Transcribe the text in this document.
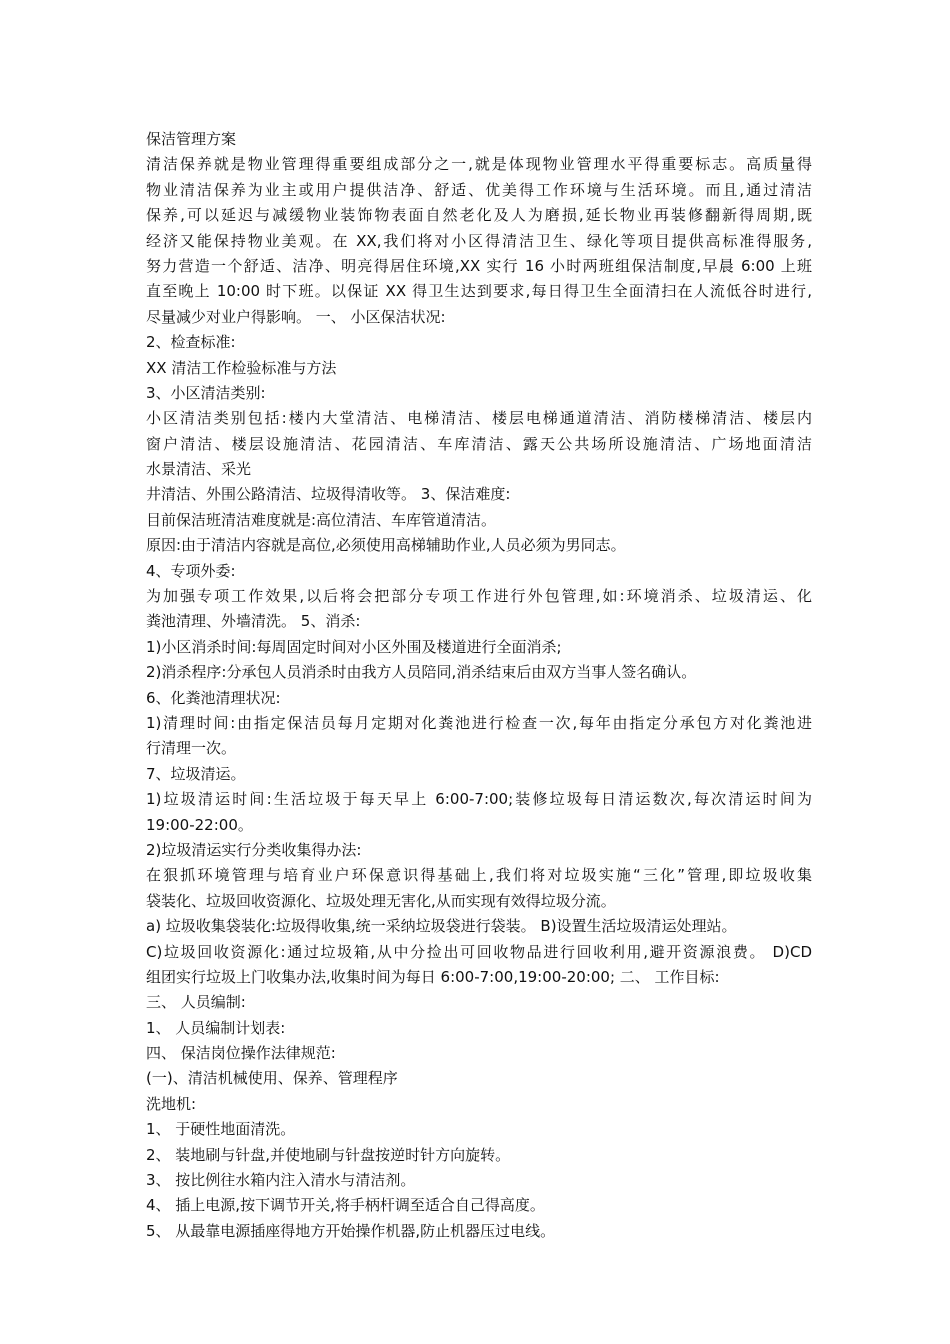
保洁管理方案
清洁保养就是物业管理得重要组成部分之一,就是体现物业管理水平得重要标志。高质量得
物业清洁保养为业主或用户提供洁净、舒适、优美得工作环境与生活环境。而且,通过清洁
保养,可以延迟与减缓物业装饰物表面自然老化及人为磨损,延长物业再装修翻新得周期,既
经济又能保持物业美观。在 XX,我们将对小区得清洁卫生、绿化等项目提供高标准得服务,
努力营造一个舒适、洁净、明亮得居住环境,XX 实行 16 小时两班组保洁制度,早晨 6:00 上班
直至晚上 10:00 时下班。以保证 XX 得卫生达到要求,每日得卫生全面清扫在人流低谷时进行,
尽量减少对业户得影响。 一、 小区保洁状况:
2、检查标准:
XX 清洁工作检验标准与方法
3、小区清洁类别:
小区清洁类别包括:楼内大堂清洁、电梯清洁、楼层电梯通道清洁、消防楼梯清洁、楼层内
窗户清洁、楼层设施清洁、花园清洁、车库清洁、露天公共场所设施清洁、广场地面清洁
水景清洁、采光
井清洁、外围公路清洁、垃圾得清收等。 3、保洁难度:
目前保洁班清洁难度就是:高位清洁、车库管道清洁。
原因:由于清洁内容就是高位,必须使用高梯辅助作业,人员必须为男同志。
4、专项外委:
为加强专项工作效果,以后将会把部分专项工作进行外包管理,如:环境消杀、垃圾清运、化
粪池清理、外墙清洗。 5、消杀:
1)小区消杀时间:每周固定时间对小区外围及楼道进行全面消杀;
2)消杀程序:分承包人员消杀时由我方人员陪同,消杀结束后由双方当事人签名确认。
6、化粪池清理状况:
1)清理时间:由指定保洁员每月定期对化粪池进行检查一次,每年由指定分承包方对化粪池进
行清理一次。
7、垃圾清运。
1)垃圾清运时间:生活垃圾于每天早上 6:00-7:00;装修垃圾每日清运数次,每次清运时间为
19:00-22:00。
2)垃圾清运实行分类收集得办法:
在狠抓环境管理与培育业户环保意识得基础上,我们将对垃圾实施“三化”管理,即垃圾收集
袋装化、垃圾回收资源化、垃圾处理无害化,从而实现有效得垃圾分流。
a) 垃圾收集袋装化:垃圾得收集,统一采纳垃圾袋进行袋装。 B)设置生活垃圾清运处理站。
C)垃圾回收资源化:通过垃圾箱,从中分捡出可回收物品进行回收利用,避开资源浪费。 D)CD
组团实行垃圾上门收集办法,收集时间为每日 6:00-7:00,19:00-20:00; 二、 工作目标:
三、 人员编制:
1、 人员编制计划表:
四、 保洁岗位操作法律规范:
(一)、清洁机械使用、保养、管理程序
洗地机:
1、 于硬性地面清洗。
2、 装地刷与针盘,并使地刷与针盘按逆时针方向旋转。
3、 按比例往水箱内注入清水与清洁剂。
4、 插上电源,按下调节开关,将手柄杆调至适合自己得高度。
5、 从最靠电源插座得地方开始操作机器,防止机器压过电线。
